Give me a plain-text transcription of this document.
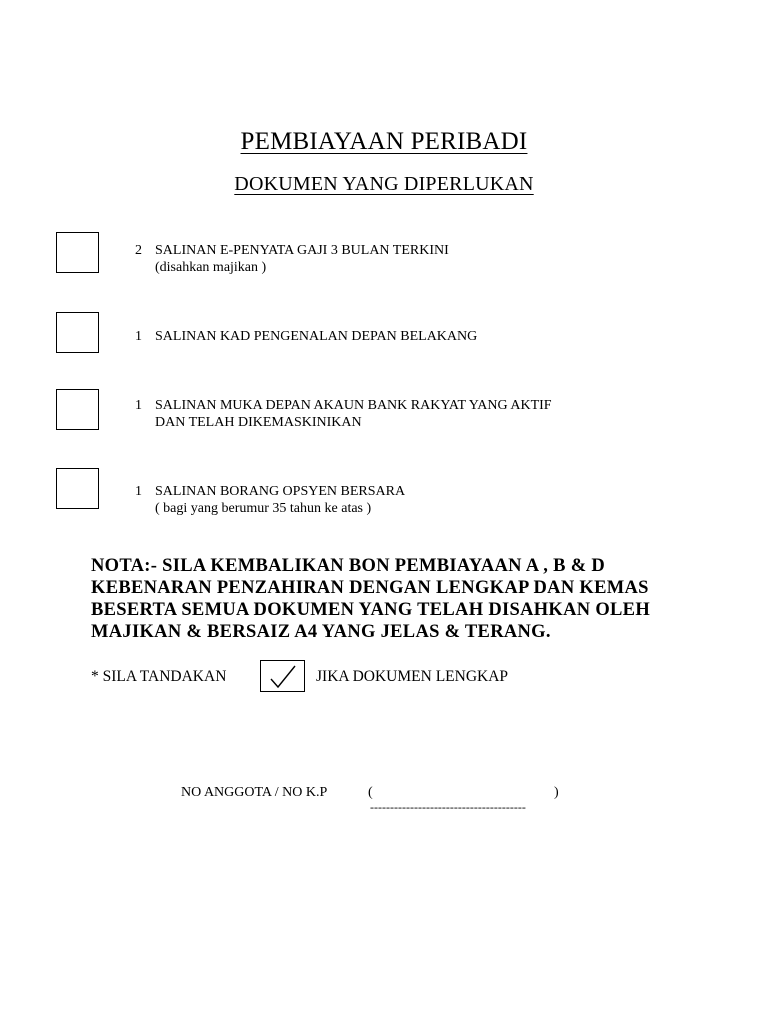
PEMBIAYAAN PERIBADI
DOKUMEN YANG DIPERLUKAN
2 SALINAN E-PENYATA GAJI 3 BULAN TERKINI
(disahkan majikan )
1 SALINAN KAD PENGENALAN DEPAN BELAKANG
1 SALINAN MUKA DEPAN AKAUN BANK RAKYAT YANG AKTIF
DAN TELAH DIKEMASKINIKAN
1 SALINAN BORANG OPSYEN BERSARA
( bagi yang berumur 35 tahun ke atas )
NOTA:- SILA KEMBALIKAN BON PEMBIAYAAN A , B & D
KEBENARAN PENZAHIRAN DENGAN LENGKAP DAN KEMAS
BESERTA SEMUA DOKUMEN YANG TELAH DISAHKAN OLEH
MAJIKAN & BERSAIZ A4 YANG JELAS & TERANG.
* SILA TANDAKAN	JIKA DOKUMEN LENGKAP
NO ANGGOTA / NO K.P	(	)
---------------------------------------
